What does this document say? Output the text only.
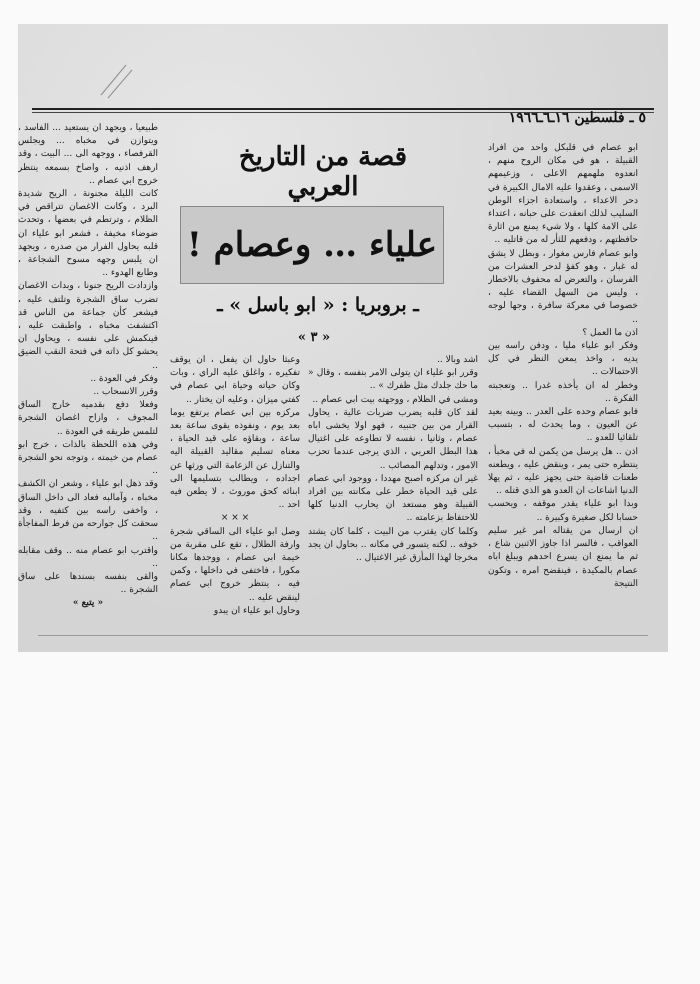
٥ ـ فلسطين ١٦ـ٦ـ١٩٦٦
قصة من التاريخ العربي
علياء … وعصام !
ـ بروبريا : « ابو باسل » ـ
« ٣ »

ابو عصام في قلبكل واحد من افراد القبيلة ، هو في مكان الروح منهم ، انعدوه ملهمهم الاعلى ، وزعيمهم الاسمى ، وعقدوا عليه الامال الكبيرة في دحر الاعداء ، واستعادة اجزاء الوطن السليب لذلك انعقدت على حبانه ، اعتداء على الامة كلها ، ولا شيء يمنع من اثارة حافظتهم ، ودفعهم للثأر له من قاتليه ..

وابو عصام فارس مغوار ، وبطل لا يشق له غبار ، وهو كفؤ لدحر العشرات من الفرسان ، والتعرض له محفوف بالاخطار ، وليس من السهل القضاء عليه ، خصوصا في معركة سافرة ، وجها لوجه ..

اذن ما العمل ؟

وفكر ابو علياء مليا ، ودفن راسه بين يديه ، واخذ يمعن النظر في كل الاحتمالات ..

وخطر له ان يأخذه غدرا .. وتعجبته الفكرة ..

فابو عصام وحده على العدر .. وبينه بعيد عن العيون ، وما يحدث له ، بتسبب تلقائيا للعدو ..

اذن .. هل يرسل من يكمن له في مخبأ ، ينتظره حتى يمر ، وينقض عليه ، ويطعنه طعنات قاضية حتى يجهز عليه ، ثم يهلا الدنيا اشاعات ان العدو هو الذي قتله ..

وبدا ابو علياء يقدر موقفه ، ويحسب حسابا لكل صغيرة وكبيرة ..

ان ارسال من يقتاله امر غير سليم العواقب ، فالسر اذا جاوز الاثنين شاع ، ثم ما يمنع ان يسرع احدهم ويبلغ اباه عصام بالمكيدة ، فينقضح امره ، وتكون النتيجة

اشد وبالا ..

وقرر ابو علياء ان يتولى الامر بنفسه ، وقال « ما حك جلدك مثل ظفرك » ..

ومشى في الظلام ، ووجهته بيت ابي عصام ..

لقد كان قلبه يضرب ضربات عالية ، يحاول القرار من بين جنبيه ، فهو اولا يخشى اباه عصام ، وثانيا ، نفسه لا تطاوعه على اغتيال هذا البطل العربي ، الذي يرجى عندما تحزب الامور ، وتدلهم المصائب ..

غير ان مركزه اصبح مهددا ، ووجود ابي عصام على قيد الحياة خطر على مكانته بين افراد القبيلة وهو مستعد ان يحارب الدنيا كلها للاحتفاظ بزعامته ..

وكلما كان يقترب من البيت ، كلما كان يشتد خوفه .. لكنه يتسور في مكانه .. بحاول ان يجد مخرجا لهذا المأزق غير الاغتيال ..

وعبثا حاول ان يفعل ، ان يوقف تفكيره ، واغلق عليه الراي ، وبات وكان حياته وحياة ابي عصام في كفتي ميزان ، وعليه ان يختار ..

مركزه بين ابي عصام يرتفع يوما بعد يوم ، ونفوذه يقوى ساعة بعد ساعة ، وبقاؤه على قيد الحياة ، معناه تسليم مقاليد القبيلة اليه والتنازل عن الزعامة التي ورثها عن اجداده ، ويطالب بتسليمها الى ابنائه كحق موروث ، لا يطعن فيه احد ..

× × ×

وصل ابو علياء الى الساقي شجرة وارفة الظلال ، تقع على مقربة من خيمة ابي عصام ، ووجدها مكانا مكورا ، فاختفى في داخلها ، وكمن فيه ، ينتظر خروج ابي عصام لينقض عليه ..

وحاول ابو علياء ان يبدو

طبيعيا ، ويجهد ان يستعيد ... الفاسد ، ويتوازن في مخباه ... ويجلس القرفصاء ، ووجهه الى ... البيت ، وقد ارهف اذنيه ، واصاخ بسمعه ينتظر خروج ابي عصام ..

كانت الليلة مجنونة ، الريح شديدة البرد ، وكانت الاغصان تتراقص في الظلام ، وترتطم في بعضها ، وتحدث ضوضاء مخيفة ، فشعر ابو علياء ان قلبه يحاول الفرار من صدره ، ويجهد ان يلبس وجهه مسوح الشجاعة ، وطابع الهدوء ..

وازدادت الريح جنونا ، وبدات الاغصان تضرب ساق الشجرة وتلتف عليه ، فيشعر كأن جماعة من الناس قد اكتشفت مخباه ، واطبقت عليه ، فينكمش على نفسه ، ويحاول ان يحشو كل ذاته في فتحة النقب الضيق ..

وفكر في العودة ..

وقرر الانسحاب ..

وفعلا دفع بقدميه خارج الساق المجوف ، وازاح اغصان الشجرة لتلمس طريقه في العودة ..

وفي هذه اللحظة بالذات ، خرج ابو عصام من خيمته ، وتوجه نحو الشجرة ..

وقد ذهل ابو علياء ، وشعر ان الكشف مخباه ، وآمالبه فعاد الى داخل الساق ، واخفى راسه بين كتفيه ، وقد سحقت كل جوارحه من فرط المفاجأة ..

واقترب ابو عصام منه .. وقف مقابله ..

والقى بنفسه بسندها على ساق الشجرة ..

« يتبع »
